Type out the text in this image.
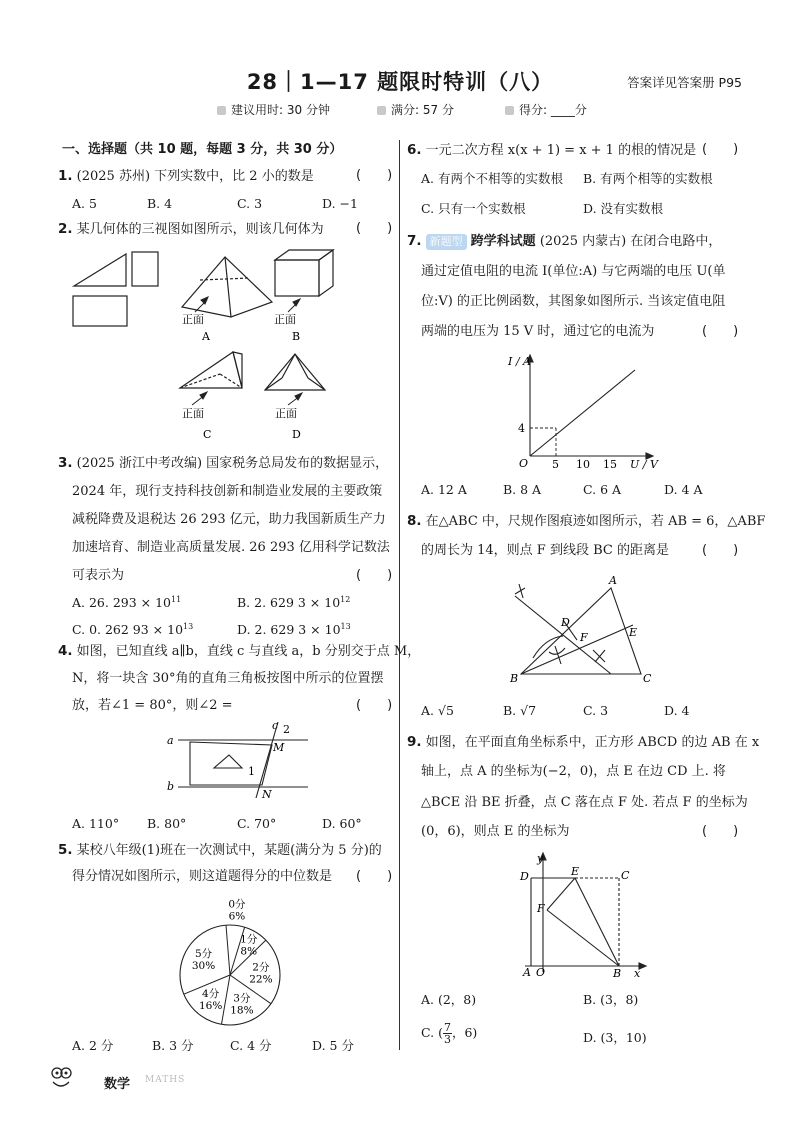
28｜1—17 题限时特训（八）	答案详见答案册 P95
建议用时: 30 分钟	满分: 57 分	得分: ____分
一、选择题（共 10 题，每题 3 分，共 30 分）
1. (2025 苏州) 下列实数中，比 2 小的数是	(　　)
A. 5	B. 4	C. 3	D. −1
2. 某几何体的三视图如图所示，则该几何体为 (　　)
正面
A
正面
B
正面
C
正面
D
3. (2025 浙江中考改编) 国家税务总局发布的数据显示，
2024 年，现行支持科技创新和制造业发展的主要政策
减税降费及退税达 26 293 亿元，助力我国新质生产力
加速培育、制造业高质量发展. 26 293 亿用科学记数法
可表示为	(　　)
A. 26. $293 \times 10^{11}$	B. 2. 629 $3 \times 10^{12}$
C. 0. 262 $93 \times 10^{13}$	D. 2. 629 $3 \times 10^{13}$
4. 如图，已知直线 a∥b，直线 c 与直线 a，b 分别交于点 M，
N，将一块含 30°角的直角三角板按图中所示的位置摆
放，若∠1 = 80°，则∠2 =	(　　)
a
b
c 2
M
1
N
A. 110° B. 80°	C. 70°	D. 60°
5. 某校八年级(1)班在一次测试中，某题(满分为 5 分)的
得分情况如图所示，则这道题得分的中位数是 (　　)
0分
6%
1分
8%
2分
22%
3分
18%
4分
16%
5分
30%
A. 2 分	B. 3 分	C. 4 分	D. 5 分
6. 一元二次方程 x(x + 1) = x + 1 的根的情况是 (　　)
A. 有两个不相等的实数根 B. 有两个相等的实数根
C. 只有一个实数根	D. 没有实数根
7. 新题型 跨学科试题 (2025 内蒙古) 在闭合电路中，
通过定值电阻的电流 I(单位:A) 与它两端的电压 U(单
位:V) 的正比例函数，其图象如图所示. 当该定值电阻
两端的电压为 15 V 时，通过它的电流为	(　　)
I / A
U / V
O 5 10 15
4
A. 12 A	B. 8 A	C. 6 A	D. 4 A
8. 在△ABC 中，尺规作图痕迹如图所示，若 AB = 6，△ABF
的周长为 14，则点 F 到线段 BC 的距离是	(　　)
A
D
F	E
B	C
A. √5	B. √7	C. 3	D. 4
9. 如图，在平面直角坐标系中，正方形 ABCD 的边 AB 在 x
轴上，点 A 的坐标为(−2，0)，点 E 在边 CD 上. 将
△BCE 沿 BE 折叠，点 C 落在点 F 处. 若点 F 的坐标为
(0，6)，则点 E 的坐标为	(　　)
y
D	E	C
F
A O	B x
A. (2，8)	B. (3，8)
C. ( $\frac{7}{3}$ ，6)	D. (3，10)
数学 MATHS
